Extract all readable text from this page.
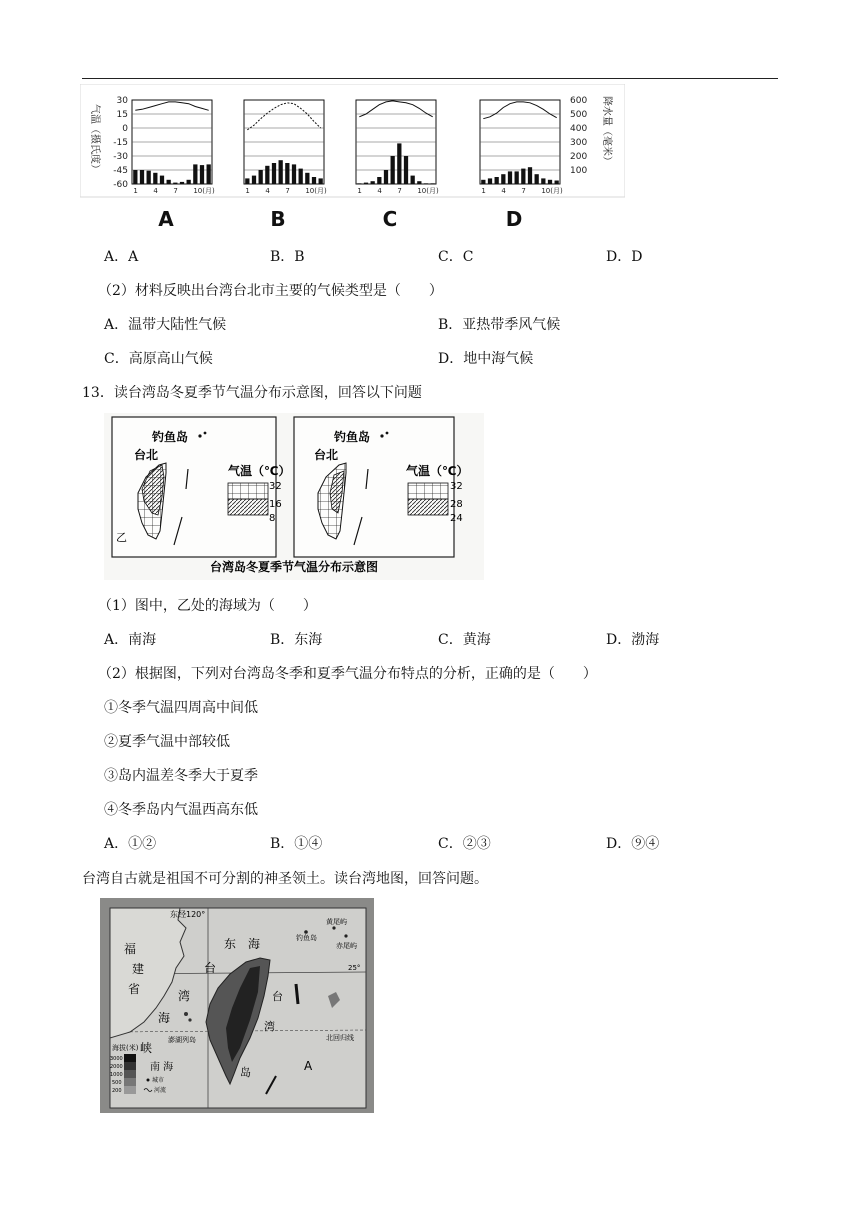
气温（摄氏度）
30
15
0
-15
-30
-45
-60
降水量（毫米）
600
500
400
300
200
100
1 4 7 10(月)
A
1 4 7 10(月)
B
1 4 7 10(月)
C
1 4 7 10(月)
D
A．A	B．B	C．C	D．D
（2）材料反映出台湾台北市主要的气候类型是（　　）
A．温带大陆性气候	B．亚热带季风气候
C．高原高山气候	D．地中海气候
13．读台湾岛冬夏季节气温分布示意图，回答以下问题
钓鱼岛
台北
乙
气温（℃）
32
16
8
钓鱼岛
台北
气温（℃）
32
28
24
台湾岛冬夏季节气温分布示意图
（1）图中，乙处的海域为（　　）
A．南海	B．东海	C．黄海	D．渤海
（2）根据图，下列对台湾岛冬季和夏季气温分布特点的分析，正确的是（　　）
①冬季气温四周高中间低
②夏季气温中部较低
③岛内温差冬季大于夏季
④冬季岛内气温西高东低
A．①②	B．①④	C．②③	D．⑨④
台湾自古就是祖国不可分割的神圣领土。读台湾地图，回答问题。
东经120°
福
建
省
东　海
台
湾
海
峡
钓鱼岛
黄尾屿
赤尾屿
澎湖列岛
25°
北回归线
台
湾
岛
南 海	A
海拔(米)
3000
2000
1000
500
200
城市
河流
